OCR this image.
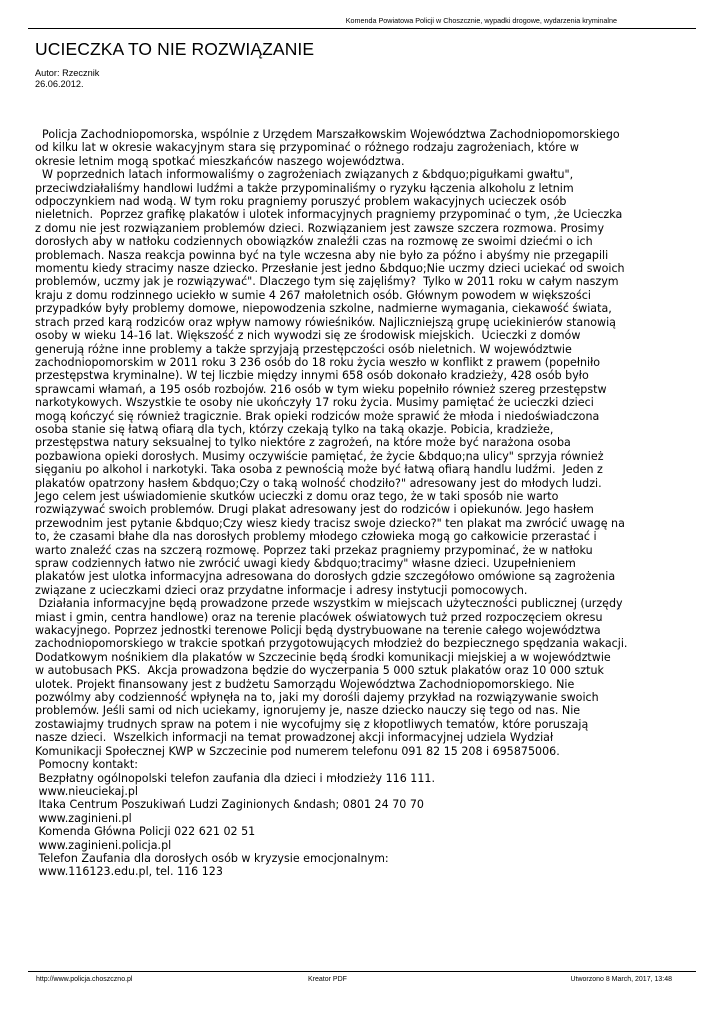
Komenda Powiatowa Policji w Choszcznie, wypadki drogowe, wydarzenia kryminalne
UCIECZKA TO NIE ROZWIĄZANIE
Autor: Rzecznik
26.06.2012.
Policja Zachodniopomorska, wspólnie z Urzędem Marszałkowskim Województwa Zachodniopomorskiego
od kilku lat w okresie wakacyjnym stara się przypominać o różnego rodzaju zagrożeniach, które w
okresie letnim mogą spotkać mieszkańców naszego województwa.
W poprzednich latach informowaliśmy o zagrożeniach związanych z &bdquo;pigułkami gwałtu",
przeciwdziałaliśmy handlowi ludźmi a także przypominaliśmy o ryzyku łączenia alkoholu z letnim
odpoczynkiem nad wodą. W tym roku pragniemy poruszyć problem wakacyjnych ucieczek osób
nieletnich.  Poprzez grafikę plakatów i ulotek informacyjnych pragniemy przypominać o tym, ,że Ucieczka
z domu nie jest rozwiązaniem problemów dzieci. Rozwiązaniem jest zawsze szczera rozmowa. Prosimy
dorosłych aby w natłoku codziennych obowiązków znaleźli czas na rozmowę ze swoimi dziećmi o ich
problemach. Nasza reakcja powinna być na tyle wczesna aby nie było za późno i abyśmy nie przegapili
momentu kiedy stracimy nasze dziecko. Przesłanie jest jedno &bdquo;Nie uczmy dzieci uciekać od swoich
problemów, uczmy jak je rozwiązywać". Dlaczego tym się zajęliśmy?  Tylko w 2011 roku w całym naszym
kraju z domu rodzinnego uciekło w sumie 4 267 małoletnich osób. Głównym powodem w większości
przypadków były problemy domowe, niepowodzenia szkolne, nadmierne wymagania, ciekawość świata,
strach przed karą rodziców oraz wpływ namowy rówieśników. Najliczniejszą grupę uciekinierów stanowią
osoby w wieku 14-16 lat. Większość z nich wywodzi się ze środowisk miejskich.  Ucieczki z domów
generują różne inne problemy a także sprzyjają przestępczości osób nieletnich. W województwie
zachodniopomorskim w 2011 roku 3 236 osób do 18 roku życia weszło w konflikt z prawem (popełniło
przestępstwa kryminalne). W tej liczbie między innymi 658 osób dokonało kradzieży, 428 osób było
sprawcami włamań, a 195 osób rozbojów. 216 osób w tym wieku popełniło również szereg przestępstw
narkotykowych. Wszystkie te osoby nie ukończyły 17 roku życia. Musimy pamiętać że ucieczki dzieci
mogą kończyć się również tragicznie. Brak opieki rodziców może sprawić że młoda i niedoświadczona
osoba stanie się łatwą ofiarą dla tych, którzy czekają tylko na taką okazje. Pobicia, kradzieże,
przestępstwa natury seksualnej to tylko niektóre z zagrożeń, na które może być narażona osoba
pozbawiona opieki dorosłych. Musimy oczywiście pamiętać, że życie &bdquo;na ulicy" sprzyja również
sięganiu po alkohol i narkotyki. Taka osoba z pewnością może być łatwą ofiarą handlu ludźmi.  Jeden z
plakatów opatrzony hasłem &bdquo;Czy o taką wolność chodziło?" adresowany jest do młodych ludzi.
Jego celem jest uświadomienie skutków ucieczki z domu oraz tego, że w taki sposób nie warto
rozwiązywać swoich problemów. Drugi plakat adresowany jest do rodziców i opiekunów. Jego hasłem
przewodnim jest pytanie &bdquo;Czy wiesz kiedy tracisz swoje dziecko?" ten plakat ma zwrócić uwagę na
to, że czasami błahe dla nas dorosłych problemy młodego człowieka mogą go całkowicie przerastać i
warto znaleźć czas na szczerą rozmowę. Poprzez taki przekaz pragniemy przypominać, że w natłoku
spraw codziennych łatwo nie zwrócić uwagi kiedy &bdquo;tracimy" własne dzieci. Uzupełnieniem
plakatów jest ulotka informacyjna adresowana do dorosłych gdzie szczegółowo omówione są zagrożenia
związane z ucieczkami dzieci oraz przydatne informacje i adresy instytucji pomocowych.
Działania informacyjne będą prowadzone przede wszystkim w miejscach użyteczności publicznej (urzędy
miast i gmin, centra handlowe) oraz na terenie placówek oświatowych tuż przed rozpoczęciem okresu
wakacyjnego. Poprzez jednostki terenowe Policji będą dystrybuowane na terenie całego województwa
zachodniopomorskiego w trakcie spotkań przygotowujących młodzież do bezpiecznego spędzania wakacji.
Dodatkowym nośnikiem dla plakatów w Szczecinie będą środki komunikacji miejskiej a w województwie
w autobusach PKS.  Akcja prowadzona będzie do wyczerpania 5 000 sztuk plakatów oraz 10 000 sztuk
ulotek. Projekt finansowany jest z budżetu Samorządu Województwa Zachodniopomorskiego. Nie
pozwólmy aby codzienność wpłynęła na to, jaki my dorośli dajemy przykład na rozwiązywanie swoich
problemów. Jeśli sami od nich uciekamy, ignorujemy je, nasze dziecko nauczy się tego od nas. Nie
zostawiajmy trudnych spraw na potem i nie wycofujmy się z kłopotliwych tematów, które poruszają
nasze dzieci.  Wszelkich informacji na temat prowadzonej akcji informacyjnej udziela Wydział
Komunikacji Społecznej KWP w Szczecinie pod numerem telefonu 091 82 15 208 i 695875006.
Pomocny kontakt:
Bezpłatny ogólnopolski telefon zaufania dla dzieci i młodzieży 116 111.
www.nieuciekaj.pl
Itaka Centrum Poszukiwań Ludzi Zaginionych &ndash; 0801 24 70 70
www.zaginieni.pl
Komenda Główna Policji 022 621 02 51
www.zaginieni.policja.pl
Telefon Zaufania dla dorosłych osób w kryzysie emocjonalnym:
www.116123.edu.pl, tel. 116 123
http://www.policja.choszczno.pl	Kreator PDF	Utworzono 8 March, 2017, 13:48
